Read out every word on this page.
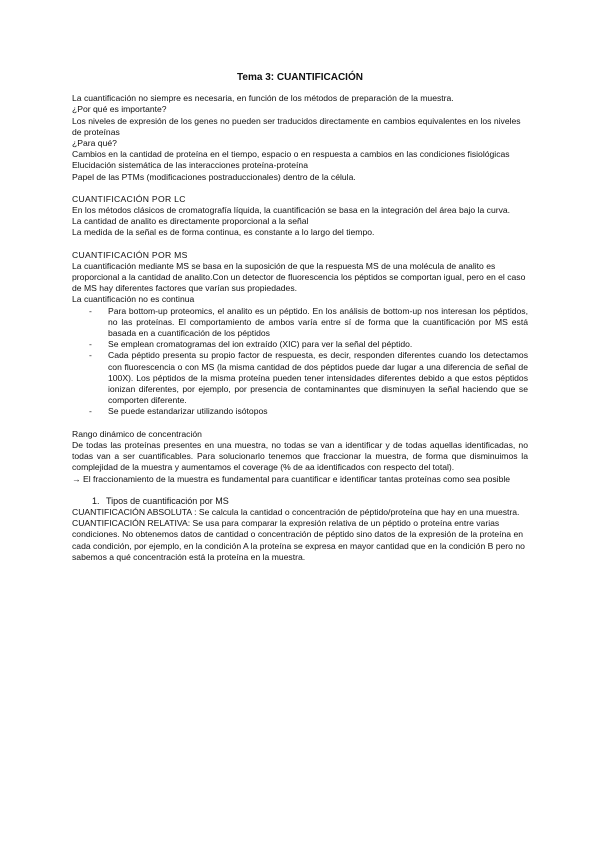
Tema 3: CUANTIFICACIÓN

La cuantificación no siempre es necesaria, en función de los métodos de preparación de la muestra.

¿Por qué es importante?

Los niveles de expresión de los genes no pueden ser traducidos directamente en cambios equivalentes en los niveles de proteínas

¿Para qué?

Cambios en la cantidad de proteína en el tiempo, espacio o en respuesta a cambios en las condiciones fisiológicas

Elucidación sistemática de las interacciones proteína-proteína

Papel de las PTMs (modificaciones postraduccionales) dentro de la célula.

CUANTIFICACIÓN POR LC

En los métodos clásicos de cromatografía líquida, la cuantificación se basa en la integración del área bajo la curva.

La cantidad de analito es directamente proporcional a la señal

La medida de la señal es de forma continua, es constante a lo largo del tiempo.

CUANTIFICACIÓN POR MS

La cuantificación mediante MS se basa en la suposición de que la respuesta MS de una molécula de analito es proporcional a la cantidad de analito.Con un detector de fluorescencia los péptidos se comportan igual, pero en el caso de MS hay diferentes factores que varían sus propiedades.

La cuantificación no es continua

- Para bottom-up proteomics, el analito es un péptido. En los análisis de bottom-up nos interesan los péptidos, no las proteínas. El comportamiento de ambos varía entre sí de forma que la cuantificación por MS está basada en a cuantificación de los péptidos
- Se emplean cromatogramas del ion extraído (XIC) para ver la señal del péptido.
- Cada péptido presenta su propio factor de respuesta, es decir, responden diferentes cuando los detectamos con fluorescencia o con MS (la misma cantidad de dos péptidos puede dar lugar a una diferencia de señal de 100X). Los péptidos de la misma proteína pueden tener intensidades diferentes debido a que estos péptidos ionizan diferentes, por ejemplo, por presencia de contaminantes que disminuyen la señal haciendo que se comporten diferente.
- Se puede estandarizar utilizando isótopos

Rango dinámico de concentración

De todas las proteínas presentes en una muestra, no todas se van a identificar y de todas aquellas identificadas, no todas van a ser cuantificables. Para solucionarlo tenemos que fraccionar la muestra, de forma que disminuimos la complejidad de la muestra y aumentamos el coverage (% de aa identificados con respecto del total).

→ El fraccionamiento de la muestra es fundamental para cuantificar e identificar tantas proteínas como sea posible

1. Tipos de cuantificación por MS

CUANTIFICACIÓN ABSOLUTA : Se calcula la cantidad o concentración de péptido/proteína que hay en una muestra.

CUANTIFICACIÓN RELATIVA: Se usa para comparar la expresión relativa de un péptido o proteína entre varias condiciones. No obtenemos datos de cantidad o concentración de péptido sino datos de la expresión de la proteína en cada condición, por ejemplo, en la condición A la proteína se expresa en mayor cantidad que en la condición B pero no sabemos a qué concentración está la proteína en la muestra.
